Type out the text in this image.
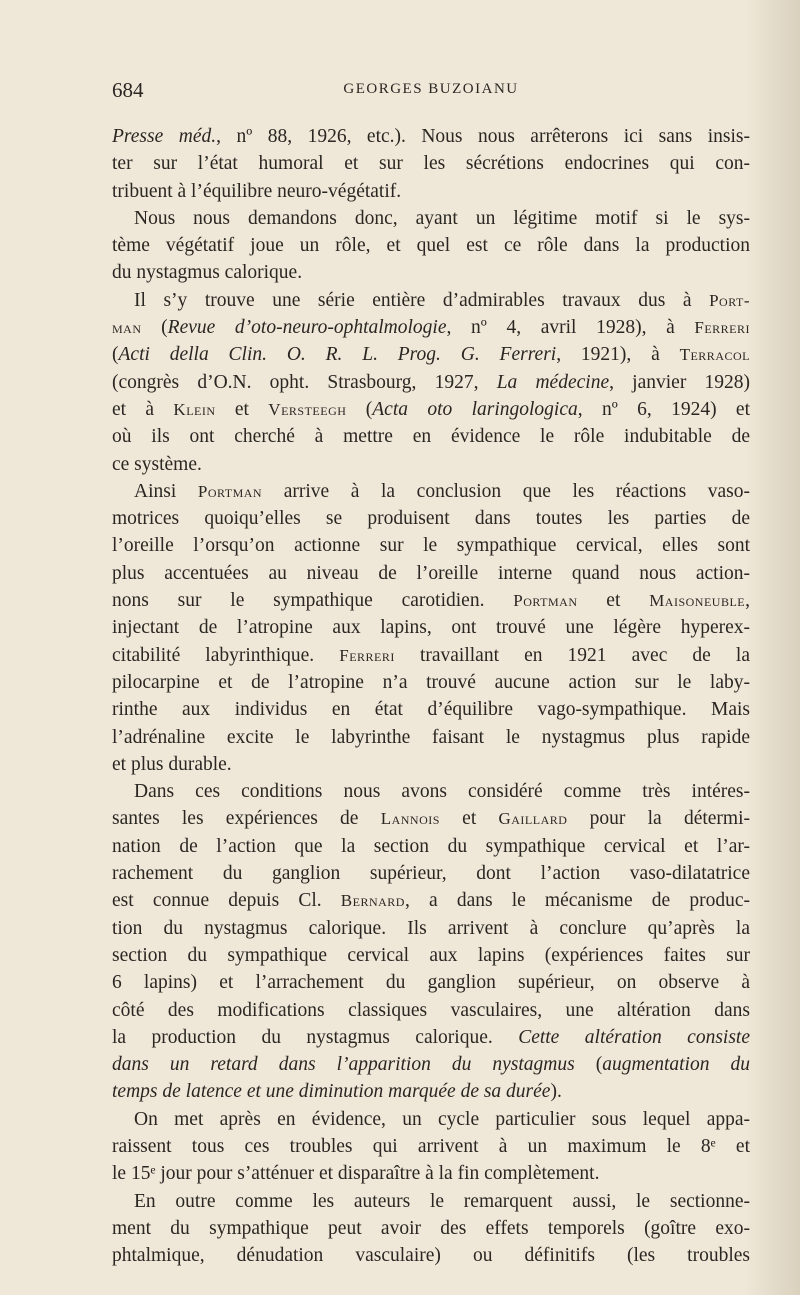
684	GEORGES BUZOIANU
Presse méd., nº 88, 1926, etc.). Nous nous arrêterons ici sans insis-
ter sur l’état humoral et sur les sécrétions endocrines qui con-
tribuent à l’équilibre neuro-végétatif.
Nous nous demandons donc, ayant un légitime motif si le sys-
tème végétatif joue un rôle, et quel est ce rôle dans la production
du nystagmus calorique.
Il s’y trouve une série entière d’admirables travaux dus à Port-
man (Revue d’oto-neuro-ophtalmologie, nº 4, avril 1928), à Ferreri
(Acti della Clin. O. R. L. Prog. G. Ferreri, 1921), à Terracol
(congrès d’O.N. opht. Strasbourg, 1927, La médecine, janvier 1928)
et à Klein et Versteegh (Acta oto laringologica, nº 6, 1924) et
où ils ont cherché à mettre en évidence le rôle indubitable de
ce système.
Ainsi Portman arrive à la conclusion que les réactions vaso-
motrices quoiqu’elles se produisent dans toutes les parties de
l’oreille l’orsqu’on actionne sur le sympathique cervical, elles sont
plus accentuées au niveau de l’oreille interne quand nous action-
nons sur le sympathique carotidien. Portman et Maisoneuble,
injectant de l’atropine aux lapins, ont trouvé une légère hyperex-
citabilité labyrinthique. Ferreri travaillant en 1921 avec de la
pilocarpine et de l’atropine n’a trouvé aucune action sur le laby-
rinthe aux individus en état d’équilibre vago-sympathique. Mais
l’adrénaline excite le labyrinthe faisant le nystagmus plus rapide
et plus durable.
Dans ces conditions nous avons considéré comme très intéres-
santes les expériences de Lannois et Gaillard pour la détermi-
nation de l’action que la section du sympathique cervical et l’ar-
rachement du ganglion supérieur, dont l’action vaso-dilatatrice
est connue depuis Cl. Bernard, a dans le mécanisme de produc-
tion du nystagmus calorique. Ils arrivent à conclure qu’après la
section du sympathique cervical aux lapins (expériences faites sur
6 lapins) et l’arrachement du ganglion supérieur, on observe à
côté des modifications classiques vasculaires, une altération dans
la production du nystagmus calorique. Cette altération consiste
dans un retard dans l’apparition du nystagmus (augmentation du
temps de latence et une diminution marquée de sa durée).
On met après en évidence, un cycle particulier sous lequel appa-
raissent tous ces troubles qui arrivent à un maximum le 8ᵉ et
le 15ᵉ jour pour s’atténuer et disparaître à la fin complètement.
En outre comme les auteurs le remarquent aussi, le sectionne-
ment du sympathique peut avoir des effets temporels (goître exo-
phtalmique, dénudation vasculaire) ou définitifs (les troubles
